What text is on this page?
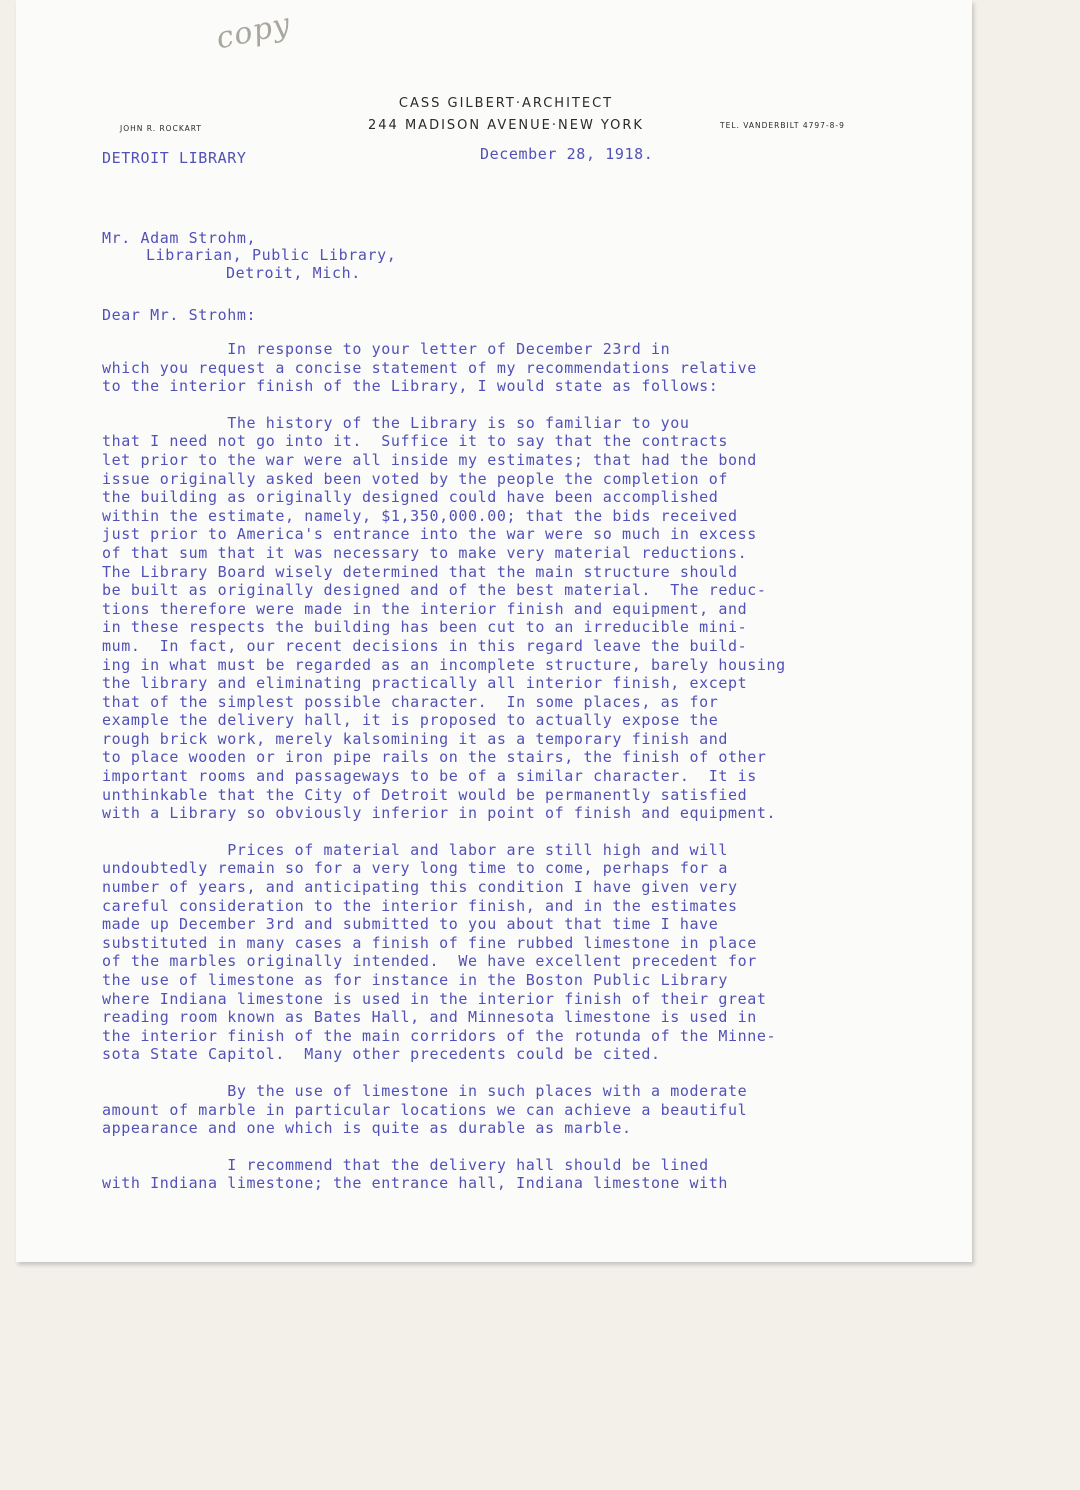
copy
CASS GILBERT·ARCHITECT
244 MADISON AVENUE·NEW YORK
JOHN R. ROCKART	TEL. VANDERBILT 4797-8-9
DETROIT LIBRARY	December 28, 1918.
Mr. Adam Strohm,
Librarian, Public Library,
Detroit, Mich.
Dear Mr. Strohm:
In response to your letter of December 23rd in
which you request a concise statement of my recommendations relative
to the interior finish of the Library, I would state as follows:
The history of the Library is so familiar to you
that I need not go into it.  Suffice it to say that the contracts
let prior to the war were all inside my estimates; that had the bond
issue originally asked been voted by the people the completion of
the building as originally designed could have been accomplished
within the estimate, namely, $1,350,000.00; that the bids received
just prior to America's entrance into the war were so much in excess
of that sum that it was necessary to make very material reductions.
The Library Board wisely determined that the main structure should
be built as originally designed and of the best material.  The reduc-
tions therefore were made in the interior finish and equipment, and
in these respects the building has been cut to an irreducible mini-
mum.  In fact, our recent decisions in this regard leave the build-
ing in what must be regarded as an incomplete structure, barely housing
the library and eliminating practically all interior finish, except
that of the simplest possible character.  In some places, as for
example the delivery hall, it is proposed to actually expose the
rough brick work, merely kalsomining it as a temporary finish and
to place wooden or iron pipe rails on the stairs, the finish of other
important rooms and passageways to be of a similar character.  It is
unthinkable that the City of Detroit would be permanently satisfied
with a Library so obviously inferior in point of finish and equipment.
Prices of material and labor are still high and will
undoubtedly remain so for a very long time to come, perhaps for a
number of years, and anticipating this condition I have given very
careful consideration to the interior finish, and in the estimates
made up December 3rd and submitted to you about that time I have
substituted in many cases a finish of fine rubbed limestone in place
of the marbles originally intended.  We have excellent precedent for
the use of limestone as for instance in the Boston Public Library
where Indiana limestone is used in the interior finish of their great
reading room known as Bates Hall, and Minnesota limestone is used in
the interior finish of the main corridors of the rotunda of the Minne-
sota State Capitol.  Many other precedents could be cited.
By the use of limestone in such places with a moderate
amount of marble in particular locations we can achieve a beautiful
appearance and one which is quite as durable as marble.
I recommend that the delivery hall should be lined
with Indiana limestone; the entrance hall, Indiana limestone with
